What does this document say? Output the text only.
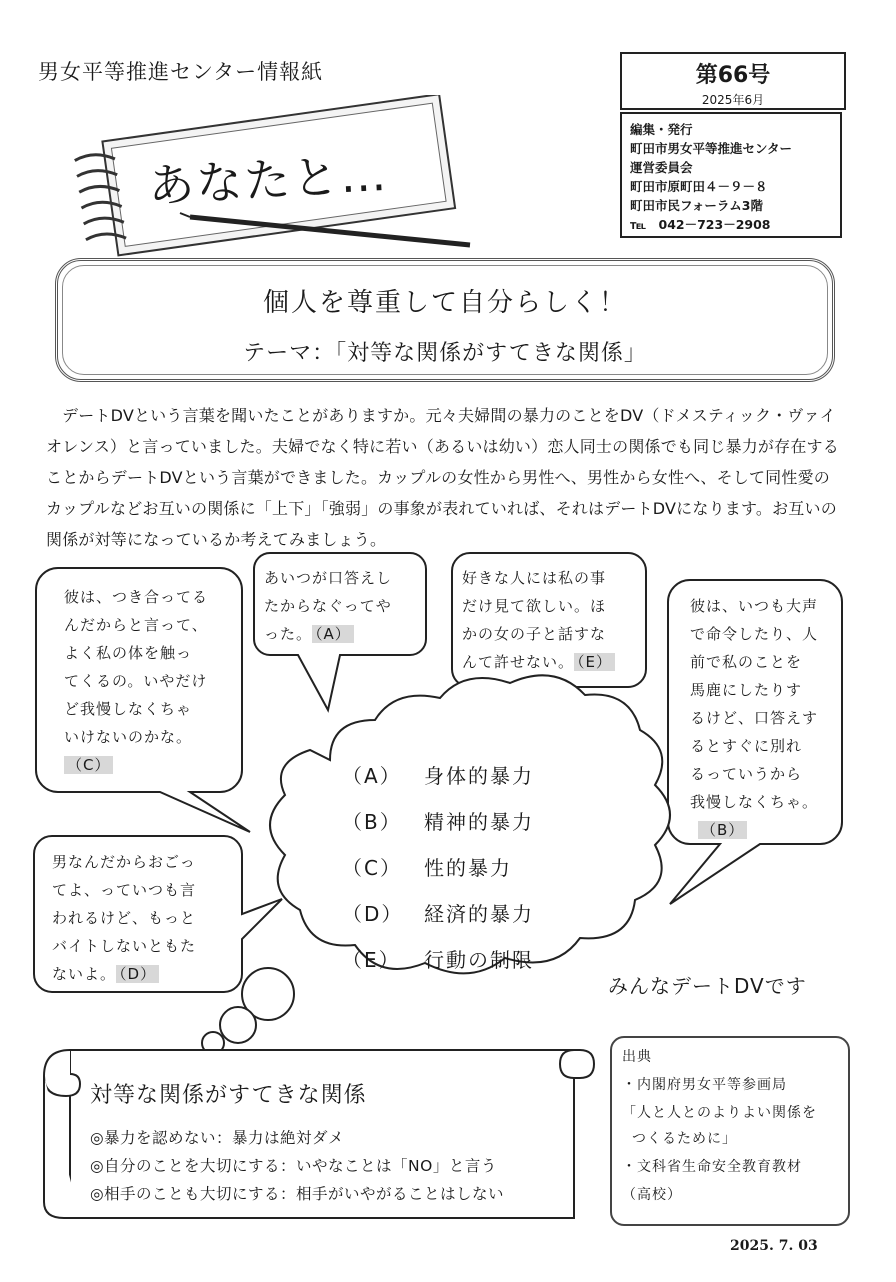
男女平等推進センター情報紙	第66号
2025年6月
編集・発行
町田市男女平等推進センター
運営委員会
町田市原町田４－９－８
町田市民フォーラム3階
℡　042－723－2908
あなたと…
個人を尊重して自分らしく！
テーマ：「対等な関係がすてきな関係」
デートDVという言葉を聞いたことがありますか。元々夫婦間の暴力のことをDV（ドメスティック・ヴァイオレンス）と言っていました。夫婦でなく特に若い（あるいは幼い）恋人同士の関係でも同じ暴力が存在することからデートDVという言葉ができました。カップルの女性から男性へ、男性から女性へ、そして同性愛のカップルなどお互いの関係に「上下」「強弱」の事象が表れていれば、それはデートDVになります。お互いの関係が対等になっているか考えてみましょう。
彼は、つき合ってる
んだからと言って、
よく私の体を触っ
てくるの。いやだけ
ど我慢しなくちゃ
いけないのかな。
（C）
あいつが口答えし
たからなぐってや
った。 （A）
好きな人には私の事
だけ見て欲しい。ほ
かの女の子と話すな
んて許せない。 （E）
彼は、いつも大声
で命令したり、人
前で私のことを
馬鹿にしたりす
るけど、口答えす
るとすぐに別れ
るっていうから
我慢しなくちゃ。
（B）
男なんだからおごっ
てよ、っていつも言
われるけど、もっと
バイトしないともた
ないよ。 （D）
（A） 身体的暴力
（B） 精神的暴力
（C） 性的暴力
（D） 経済的暴力
（E） 行動の制限
みんなデートDVです
対等な関係がすてきな関係
◎暴力を認めない：暴力は絶対ダメ
◎自分のことを大切にする：いやなことは「NO」と言う
◎相手のことも大切にする：相手がいやがることはしない
出典
・内閣府男女平等参画局
「人と人とのよりよい関係を
つくるために」
・文科省生命安全教育教材
（高校）
2025. 7. 03
